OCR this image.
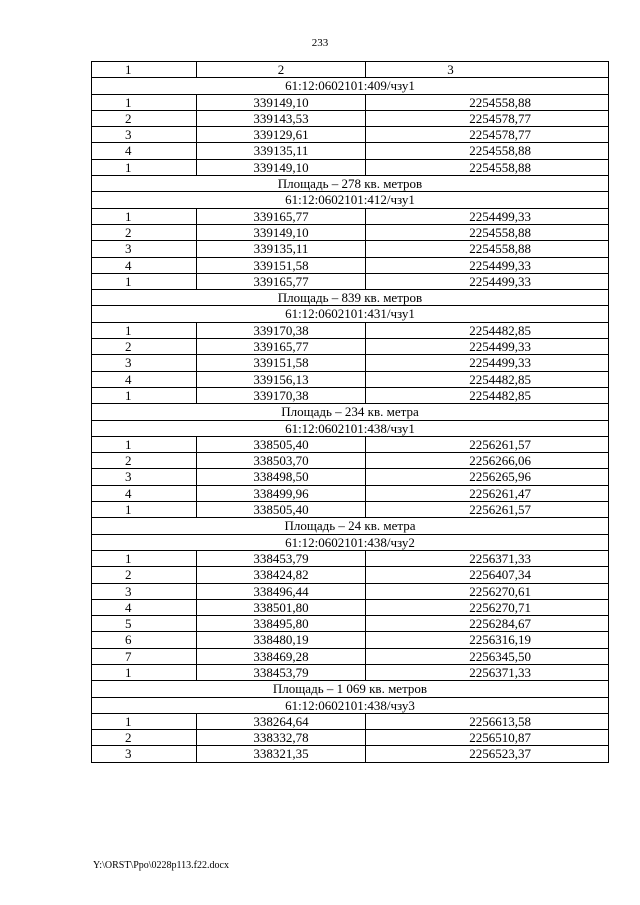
233
1	2	3
61:12:0602101:409/чзу1		
1	339149,10	2254558,88
2	339143,53	2254578,77
3	339129,61	2254578,77
4	339135,11	2254558,88
1	339149,10	2254558,88
Площадь – 278 кв. метров		
61:12:0602101:412/чзу1		
1	339165,77	2254499,33
2	339149,10	2254558,88
3	339135,11	2254558,88
4	339151,58	2254499,33
1	339165,77	2254499,33
Площадь – 839 кв. метров		
61:12:0602101:431/чзу1		
1	339170,38	2254482,85
2	339165,77	2254499,33
3	339151,58	2254499,33
4	339156,13	2254482,85
1	339170,38	2254482,85
Площадь – 234 кв. метра		
61:12:0602101:438/чзу1		
1	338505,40	2256261,57
2	338503,70	2256266,06
3	338498,50	2256265,96
4	338499,96	2256261,47
1	338505,40	2256261,57
Площадь – 24 кв. метра		
61:12:0602101:438/чзу2		
1	338453,79	2256371,33
2	338424,82	2256407,34
3	338496,44	2256270,61
4	338501,80	2256270,71
5	338495,80	2256284,67
6	338480,19	2256316,19
7	338469,28	2256345,50
1	338453,79	2256371,33
Площадь – 1 069 кв. метров		
61:12:0602101:438/чзу3		
1	338264,64	2256613,58
2	338332,78	2256510,87
3	338321,35	2256523,37
Y:\ORST\Ppo\0228p113.f22.docx
